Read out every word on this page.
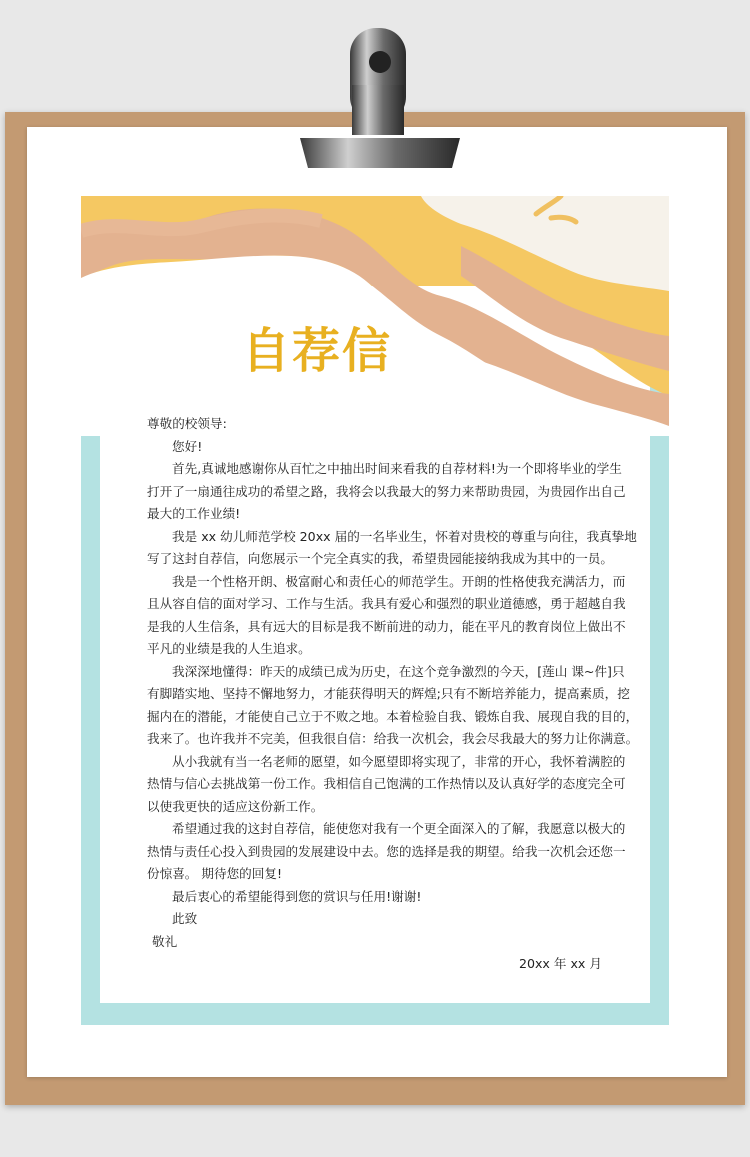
自荐信
尊敬的校领导:
您好!
首先,真诚地感谢你从百忙之中抽出时间来看我的自荐材料!为一个即将毕业的学生
打开了一扇通往成功的希望之路，我将会以我最大的努力来帮助贵园，为贵园作出自己
最大的工作业绩!
我是 xx 幼儿师范学校 20xx 届的一名毕业生，怀着对贵校的尊重与向往，我真挚地
写了这封自荐信，向您展示一个完全真实的我，希望贵园能接纳我成为其中的一员。
我是一个性格开朗、极富耐心和责任心的师范学生。开朗的性格使我充满活力，而
且从容自信的面对学习、工作与生活。我具有爱心和强烈的职业道德感，勇于超越自我
是我的人生信条，具有远大的目标是我不断前进的动力，能在平凡的教育岗位上做出不
平凡的业绩是我的人生追求。
我深深地懂得：昨天的成绩已成为历史，在这个竞争激烈的今天，[莲山 课~件]只
有脚踏实地、坚持不懈地努力，才能获得明天的辉煌;只有不断培养能力，提高素质，挖
掘内在的潜能，才能使自己立于不败之地。本着检验自我、锻炼自我、展现自我的目的，
我来了。也许我并不完美，但我很自信：给我一次机会，我会尽我最大的努力让你满意。
从小我就有当一名老师的愿望，如今愿望即将实现了，非常的开心，我怀着满腔的
热情与信心去挑战第一份工作。我相信自己饱满的工作热情以及认真好学的态度完全可
以使我更快的适应这份新工作。
希望通过我的这封自荐信，能使您对我有一个更全面深入的了解，我愿意以极大的
热情与责任心投入到贵园的发展建设中去。您的选择是我的期望。给我一次机会还您一
份惊喜。 期待您的回复!
最后衷心的希望能得到您的赏识与任用!谢谢!
此致
敬礼
20xx 年 xx 月
